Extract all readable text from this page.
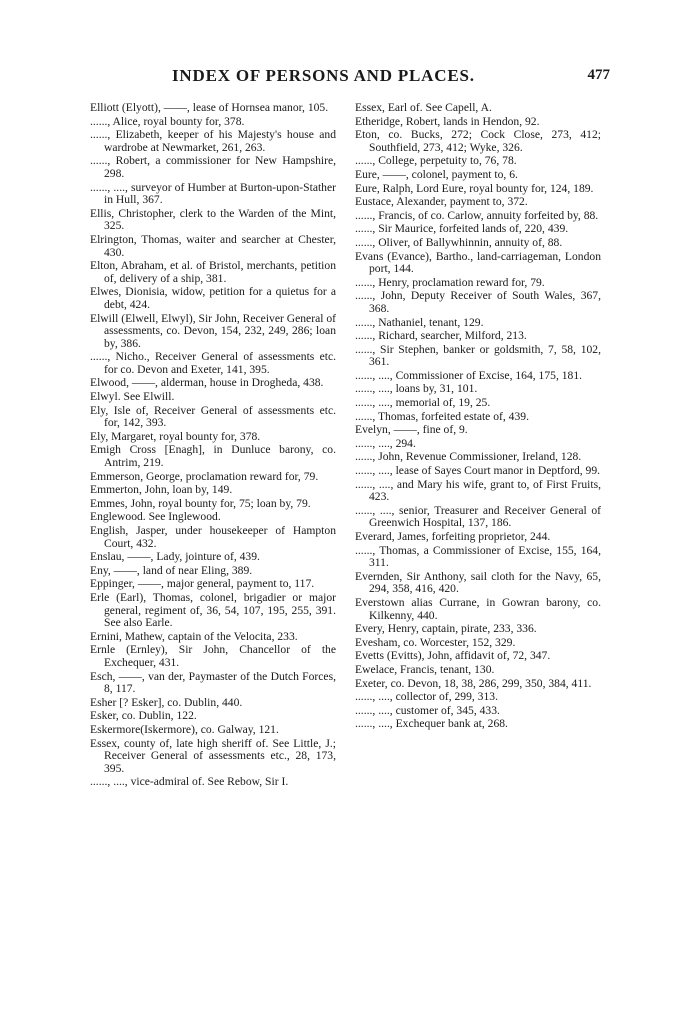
INDEX OF PERSONS AND PLACES.	477

Elliott (Elyott), ——, lease of Hornsea manor, 105.

......, Alice, royal bounty for, 378.

......, Elizabeth, keeper of his Majesty's house and wardrobe at Newmarket, 261, 263.

......, Robert, a commissioner for New Hampshire, 298.

......, ...., surveyor of Humber at Burton-upon-Stather in Hull, 367.

Ellis, Christopher, clerk to the Warden of the Mint, 325.

Elrington, Thomas, waiter and searcher at Chester, 430.

Elton, Abraham, et al. of Bristol, merchants, petition of, delivery of a ship, 381.

Elwes, Dionisia, widow, petition for a quietus for a debt, 424.

Elwill (Elwell, Elwyl), Sir John, Receiver General of assessments, co. Devon, 154, 232, 249, 286; loan by, 386.

......, Nicho., Receiver General of assessments etc. for co. Devon and Exeter, 141, 395.

Elwood, ——, alderman, house in Drogheda, 438.

Elwyl. See Elwill.

Ely, Isle of, Receiver General of assessments etc. for, 142, 393.

Ely, Margaret, royal bounty for, 378.

Emigh Cross [Enagh], in Dunluce barony, co. Antrim, 219.

Emmerson, George, proclamation reward for, 79.

Emmerton, John, loan by, 149.

Emmes, John, royal bounty for, 75; loan by, 79.

Englewood. See Inglewood.

English, Jasper, under housekeeper of Hampton Court, 432.

Enslau, ——, Lady, jointure of, 439.

Eny, ——, land of near Eling, 389.

Eppinger, ——, major general, payment to, 117.

Erle (Earl), Thomas, colonel, brigadier or major general, regiment of, 36, 54, 107, 195, 255, 391. See also Earle.

Ernini, Mathew, captain of the Velocita, 233.

Ernle (Ernley), Sir John, Chancellor of the Exchequer, 431.

Esch, ——, van der, Paymaster of the Dutch Forces, 8, 117.

Esher [? Esker], co. Dublin, 440.

Esker, co. Dublin, 122.

Eskermore(Iskermore), co. Galway, 121.

Essex, county of, late high sheriff of. See Little, J.; Receiver General of assessments etc., 28, 173, 395.

......, ...., vice-admiral of. See Rebow, Sir I.

Essex, Earl of. See Capell, A.

Etheridge, Robert, lands in Hendon, 92.

Eton, co. Bucks, 272; Cock Close, 273, 412; Southfield, 273, 412; Wyke, 326.

......, College, perpetuity to, 76, 78.

Eure, ——, colonel, payment to, 6.

Eure, Ralph, Lord Eure, royal bounty for, 124, 189.

Eustace, Alexander, payment to, 372.

......, Francis, of co. Carlow, annuity forfeited by, 88.

......, Sir Maurice, forfeited lands of, 220, 439.

......, Oliver, of Ballywhinnin, annuity of, 88.

Evans (Evance), Bartho., land-carriageman, London port, 144.

......, Henry, proclamation reward for, 79.

......, John, Deputy Receiver of South Wales, 367, 368.

......, Nathaniel, tenant, 129.

......, Richard, searcher, Milford, 213.

......, Sir Stephen, banker or goldsmith, 7, 58, 102, 361.

......, ...., Commissioner of Excise, 164, 175, 181.

......, ...., loans by, 31, 101.

......, ...., memorial of, 19, 25.

......, Thomas, forfeited estate of, 439.

Evelyn, ——, fine of, 9.

......, ...., 294.

......, John, Revenue Commissioner, Ireland, 128.

......, ...., lease of Sayes Court manor in Deptford, 99.

......, ...., and Mary his wife, grant to, of First Fruits, 423.

......, ...., senior, Treasurer and Receiver General of Greenwich Hospital, 137, 186.

Everard, James, forfeiting proprietor, 244.

......, Thomas, a Commissioner of Excise, 155, 164, 311.

Evernden, Sir Anthony, sail cloth for the Navy, 65, 294, 358, 416, 420.

Everstown alias Currane, in Gowran barony, co. Kilkenny, 440.

Every, Henry, captain, pirate, 233, 336.

Evesham, co. Worcester, 152, 329.

Evetts (Evitts), John, affidavit of, 72, 347.

Ewelace, Francis, tenant, 130.

Exeter, co. Devon, 18, 38, 286, 299, 350, 384, 411.

......, ...., collector of, 299, 313.

......, ...., customer of, 345, 433.

......, ...., Exchequer bank at, 268.
